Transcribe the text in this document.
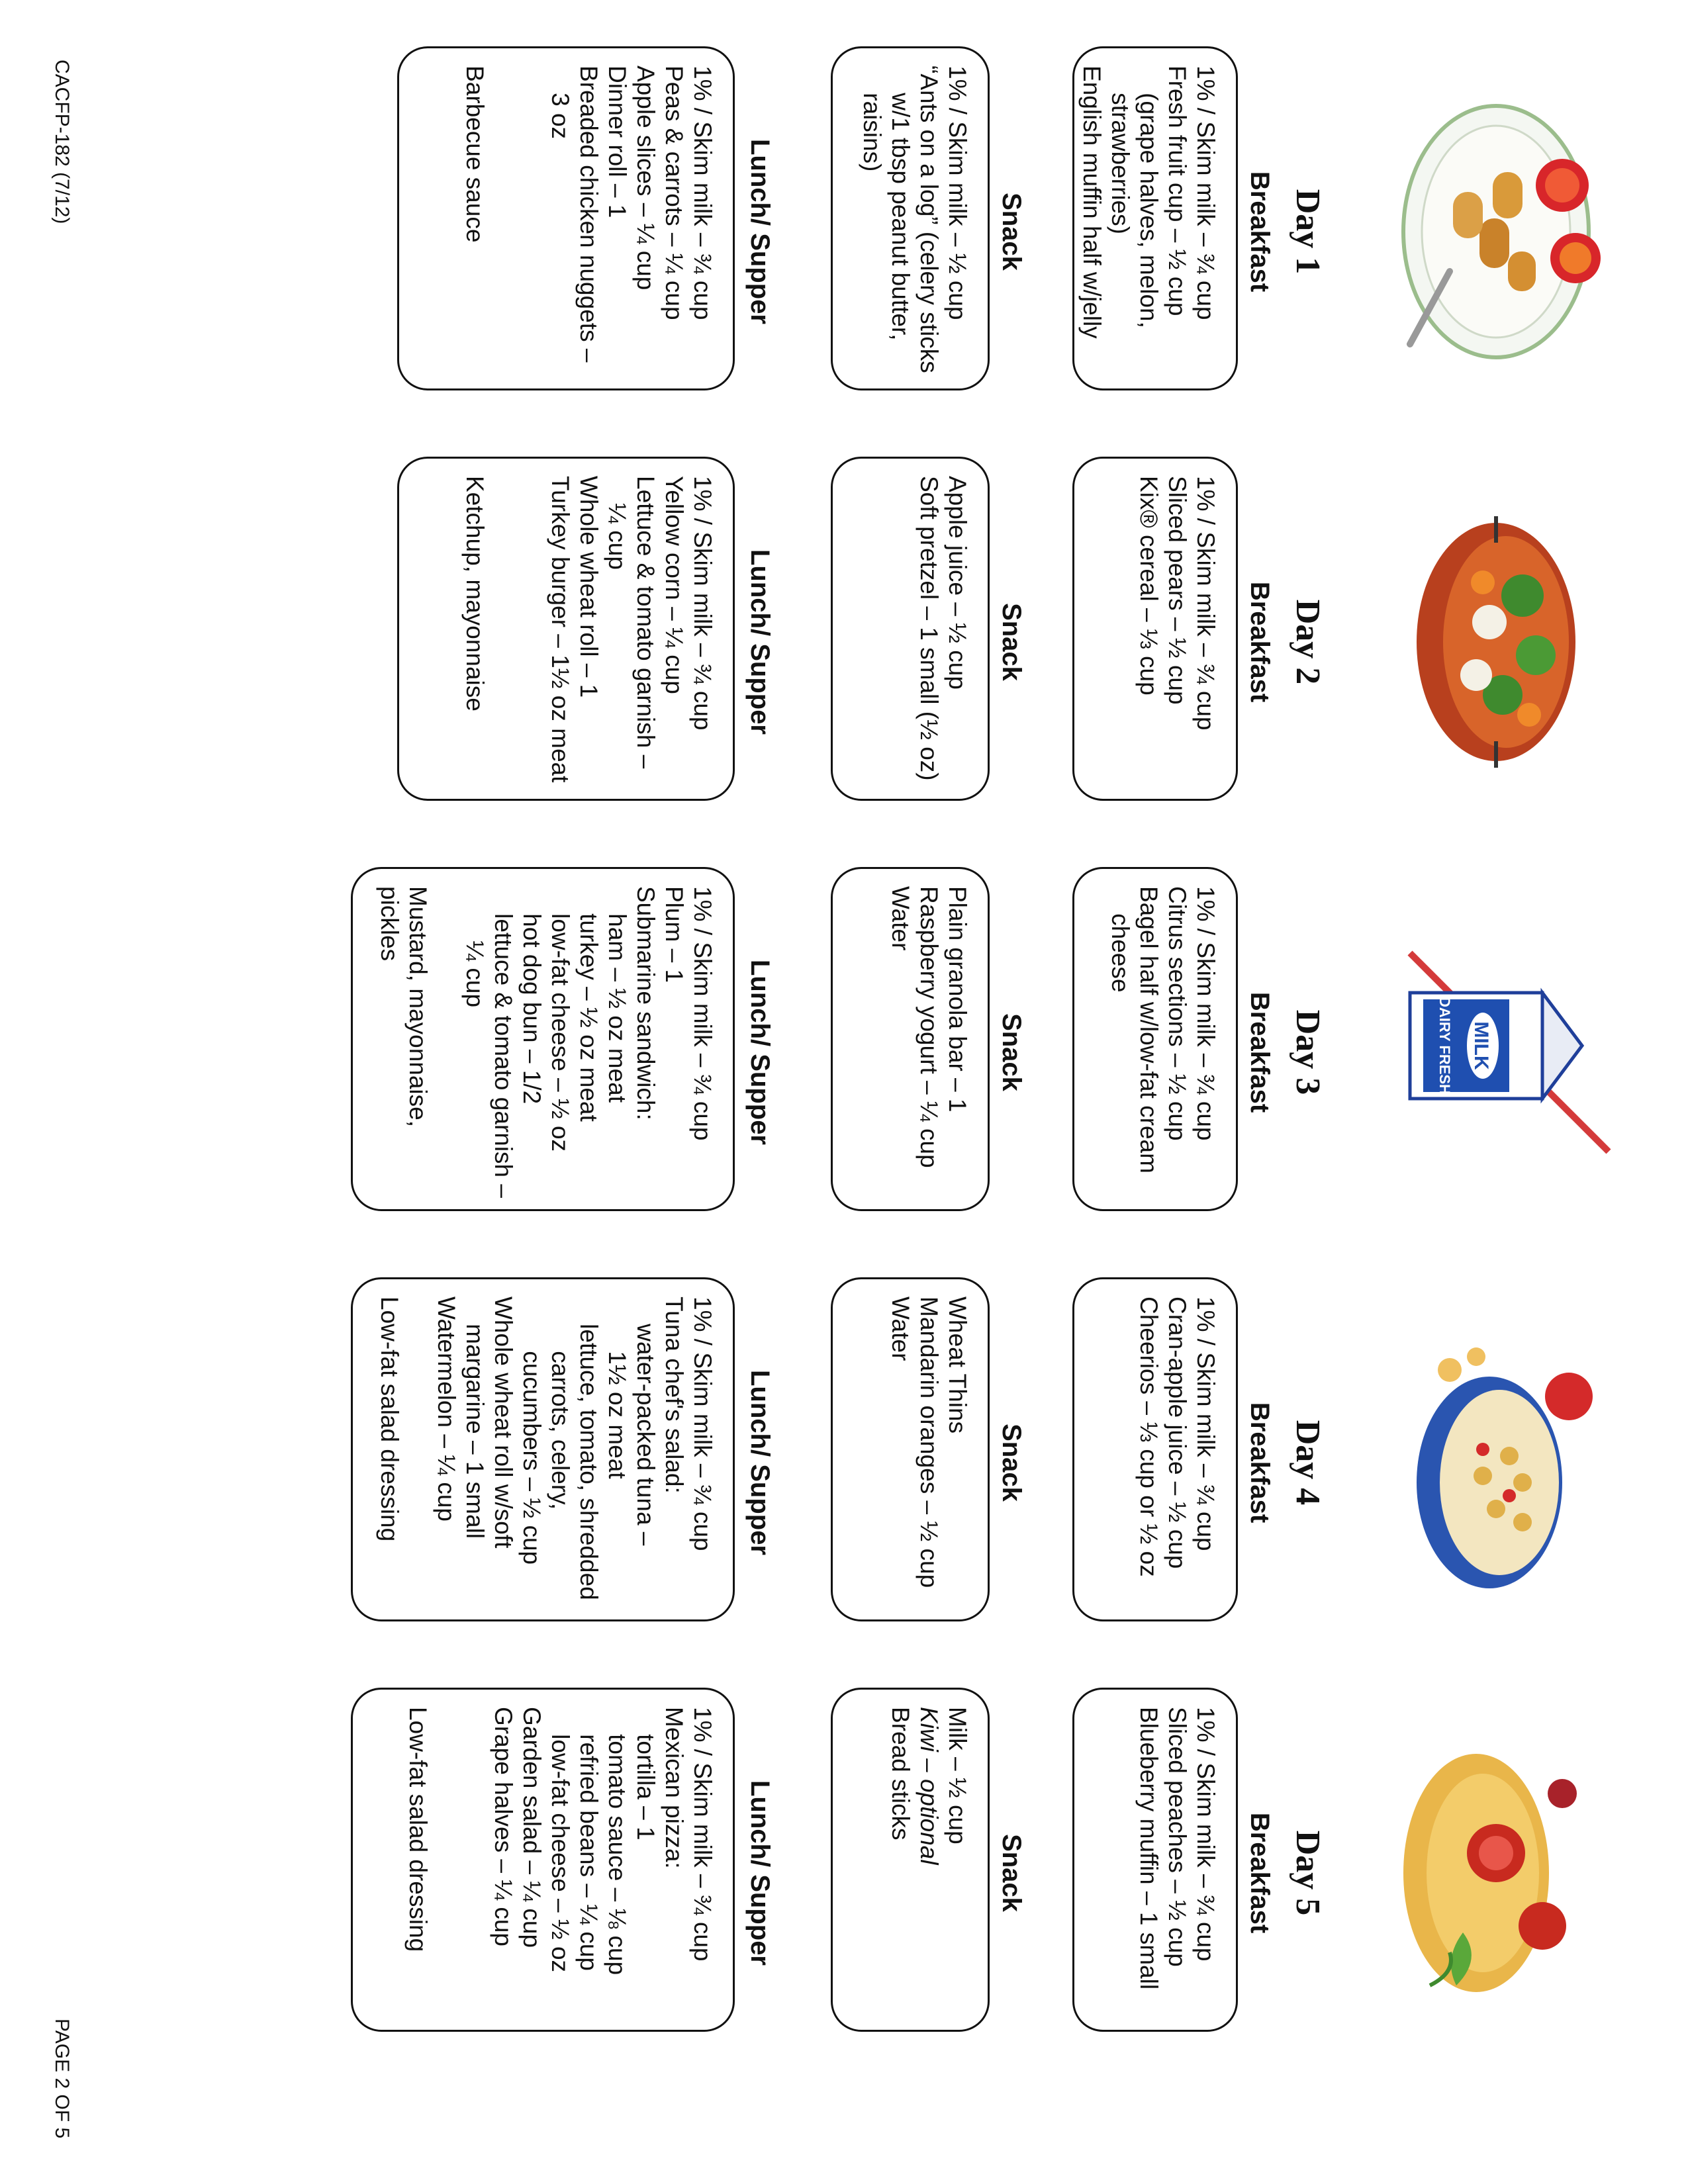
Day 1
Breakfast
1% / Skim milk – ¾ cup
Fresh fruit cup – ½ cup
(grape halves, melon,
strawberries)
English muffin half w/jelly
Snack
1% / Skim milk – ½ cup
“Ants on a log” (celery sticks
w/1 tbsp peanut butter,
raisins)
Lunch/ Supper
1% / Skim milk – ¾ cup
Peas & carrots – ¼ cup
Apple slices – ¼ cup
Dinner roll – 1
Breaded chicken nuggets –
3 oz
Barbecue sauce
Day 2
Breakfast
1% / Skim milk – ¾ cup
Sliced pears – ½ cup
Kix® cereal – ⅓ cup
Snack
Apple juice – ½ cup
Soft pretzel – 1 small (½ oz)
Lunch/ Supper
1% / Skim milk – ¾ cup
Yellow corn – ¼ cup
Lettuce & tomato garnish –
¼ cup
Whole wheat roll – 1
Turkey burger – 1½ oz meat
Ketchup, mayonnaise
MILK
DAIRY FRESH
Day 3
Breakfast
1% / Skim milk – ¾ cup
Citrus sections – ½ cup
Bagel half w/low-fat cream
cheese
Snack
Plain granola bar – 1
Raspberry yogurt – ¼ cup
Water
Lunch/ Supper
1% / Skim milk – ¾ cup
Plum – 1
Submarine sandwich:
ham – ½ oz meat
turkey – ½ oz meat
low-fat cheese – ½ oz
hot dog bun – 1/2
lettuce & tomato garnish –
¼ cup
Mustard, mayonnaise,
pickles
Day 4
Breakfast
1% / Skim milk – ¾ cup
Cran-apple juice – ½ cup
Cheerios – ⅓ cup or ½ oz
Snack
Wheat Thins
Mandarin oranges – ½ cup
Water
Lunch/ Supper
1% / Skim milk – ¾ cup
Tuna chef's salad:
water-packed tuna –
1½ oz meat
lettuce, tomato, shredded
carrots, celery,
cucumbers – ½ cup
Whole wheat roll w/soft
margarine – 1 small
Watermelon – ¼ cup
Low-fat salad dressing
Day 5
Breakfast
1% / Skim milk – ¾ cup
Sliced peaches – ½ cup
Blueberry muffin – 1 small
Snack
Milk – ½ cup
Kiwi – optional
Bread sticks
Lunch/ Supper
1% / Skim milk – ¾ cup
Mexican pizza:
tortilla – 1
tomato sauce – ⅛ cup
refried beans – ¼ cup
low-fat cheese – ½ oz
Garden salad – ¼ cup
Grape halves – ¼ cup
Low-fat salad dressing
CACFP-182 (7/12)
PAGE 2 OF 5
